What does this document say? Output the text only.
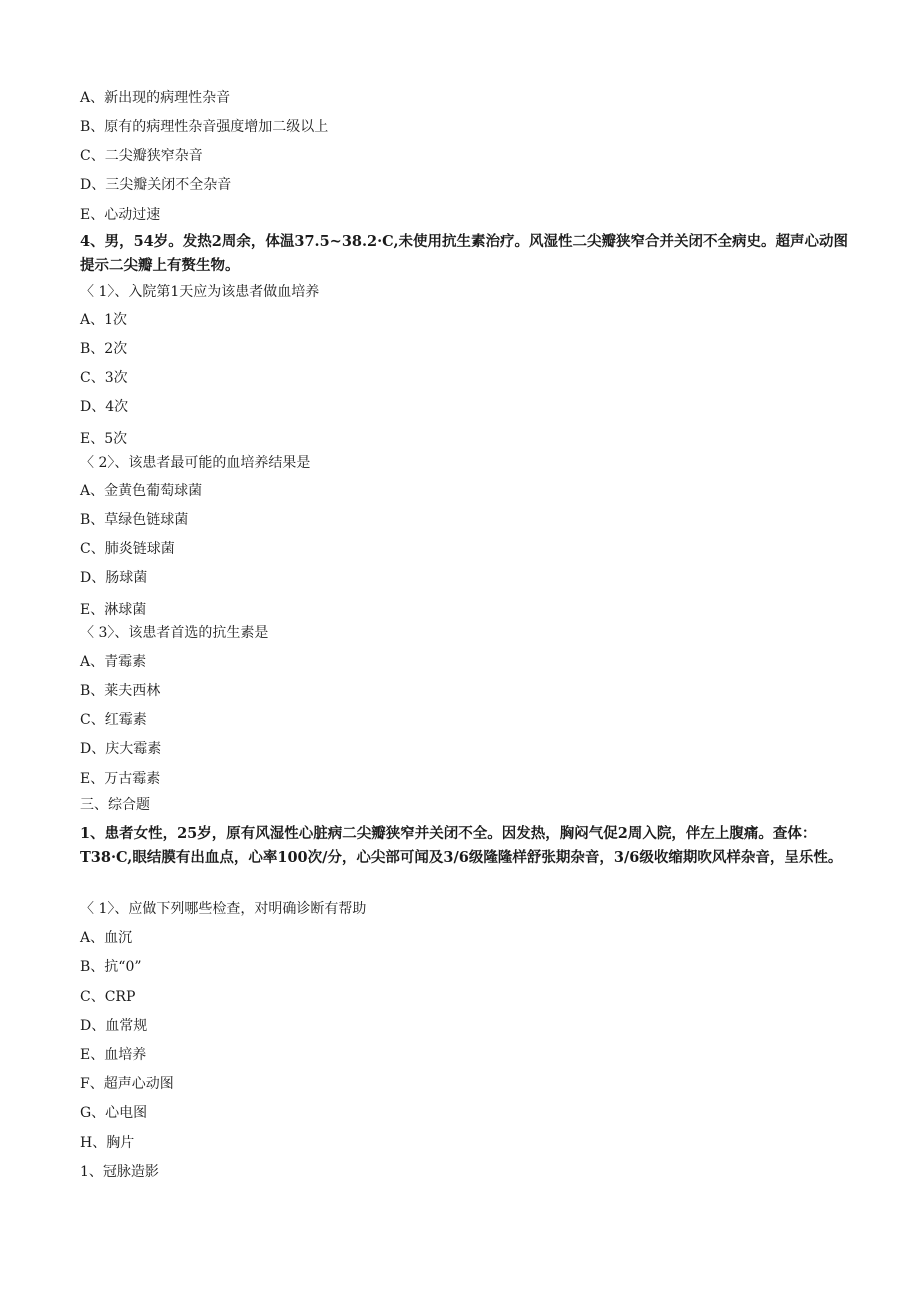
A、新出现的病理性杂音
B、原有的病理性杂音强度增加二级以上
C、二尖瓣狭窄杂音
D、三尖瓣关闭不全杂音
E、心动过速
4、男，54岁。发热2周余，体温37.5~38.2·C,未使用抗生素治疗。风湿性二尖瓣狭窄合并关闭不全病史。超声心动图提示二尖瓣上有赘生物。
〈 1〉、入院第1天应为该患者做血培养
A、1次
B、2次
C、3次
D、4次
E、5次
〈 2〉、该患者最可能的血培养结果是
A、金黄色葡萄球菌
B、草绿色链球菌
C、肺炎链球菌
D、肠球菌
E、淋球菌
〈 3〉、该患者首选的抗生素是
A、青霉素
B、莱夫西林
C、红霉素
D、庆大霉素
E、万古霉素
三、综合题
1、患者女性，25岁，原有风湿性心脏病二尖瓣狭窄并关闭不全。因发热，胸闷气促2周入院，伴左上腹痛。查体：T38·C,眼结膜有出血点，心率100次/分，心尖部可闻及3/6级隆隆样舒张期杂音，3/6级收缩期吹风样杂音，呈乐性。
〈 1〉、应做下列哪些检查，对明确诊断有帮助
A、血沉
B、抗“0”
C、CRP
D、血常规
E、血培养
F、超声心动图
G、心电图
H、胸片
1、冠脉造影
